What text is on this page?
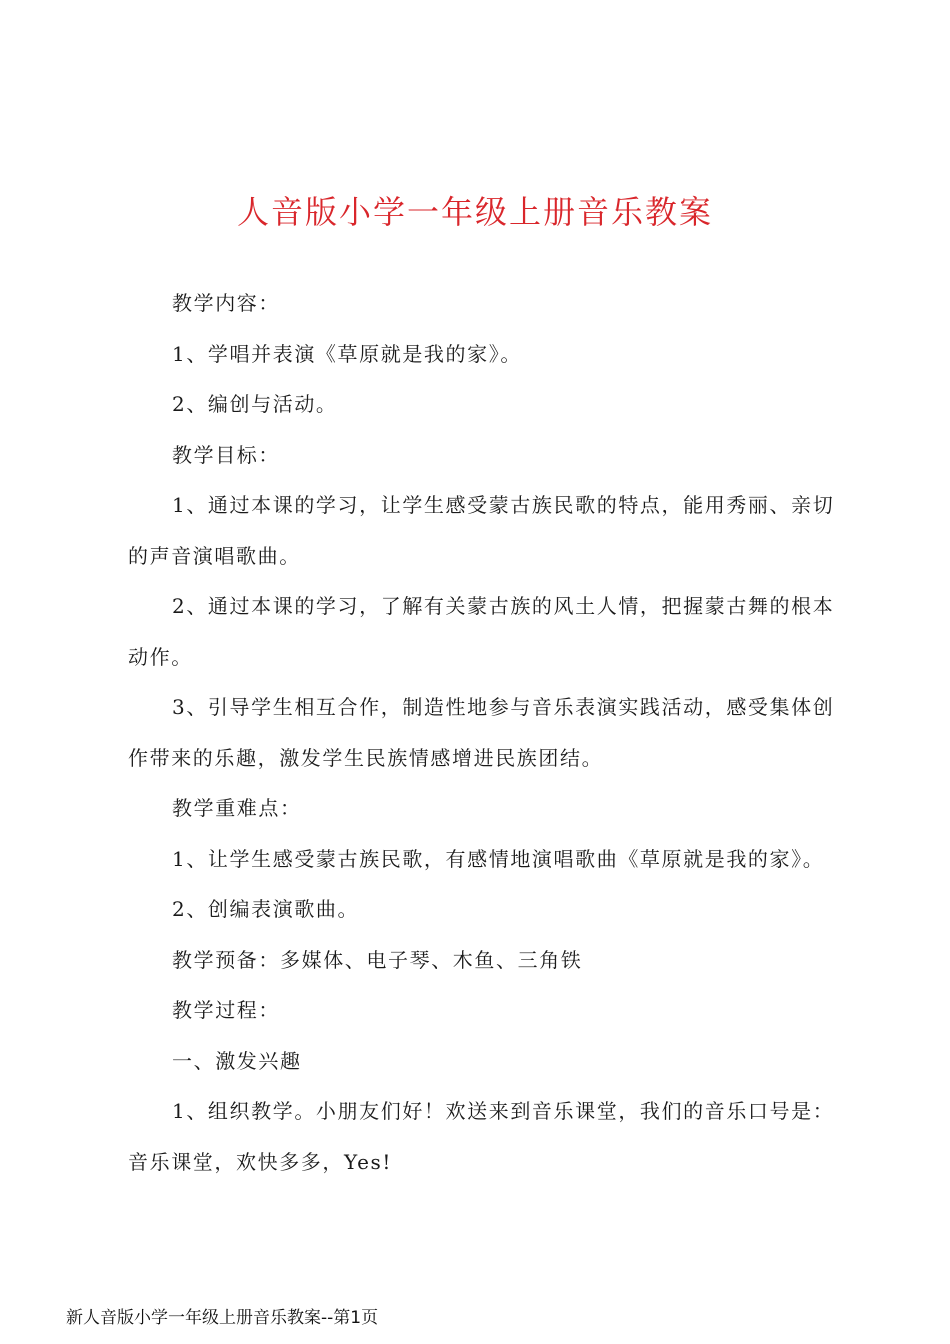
人音版小学一年级上册音乐教案

教学内容：

1、学唱并表演《草原就是我的家》。

2、编创与活动。

教学目标：

1、通过本课的学习，让学生感受蒙古族民歌的特点，能用秀丽、亲切的声音演唱歌曲。

2、通过本课的学习，了解有关蒙古族的风土人情，把握蒙古舞的根本动作。

3、引导学生相互合作，制造性地参与音乐表演实践活动，感受集体创作带来的乐趣，激发学生民族情感增进民族团结。

教学重难点：

1、让学生感受蒙古族民歌，有感情地演唱歌曲《草原就是我的家》。

2、创编表演歌曲。

教学预备：多媒体、电子琴、木鱼、三角铁

教学过程：

一、激发兴趣

1、组织教学。小朋友们好！欢送来到音乐课堂，我们的音乐口号是：音乐课堂，欢快多多，Yes!

新人音版小学一年级上册音乐教案--第1页
